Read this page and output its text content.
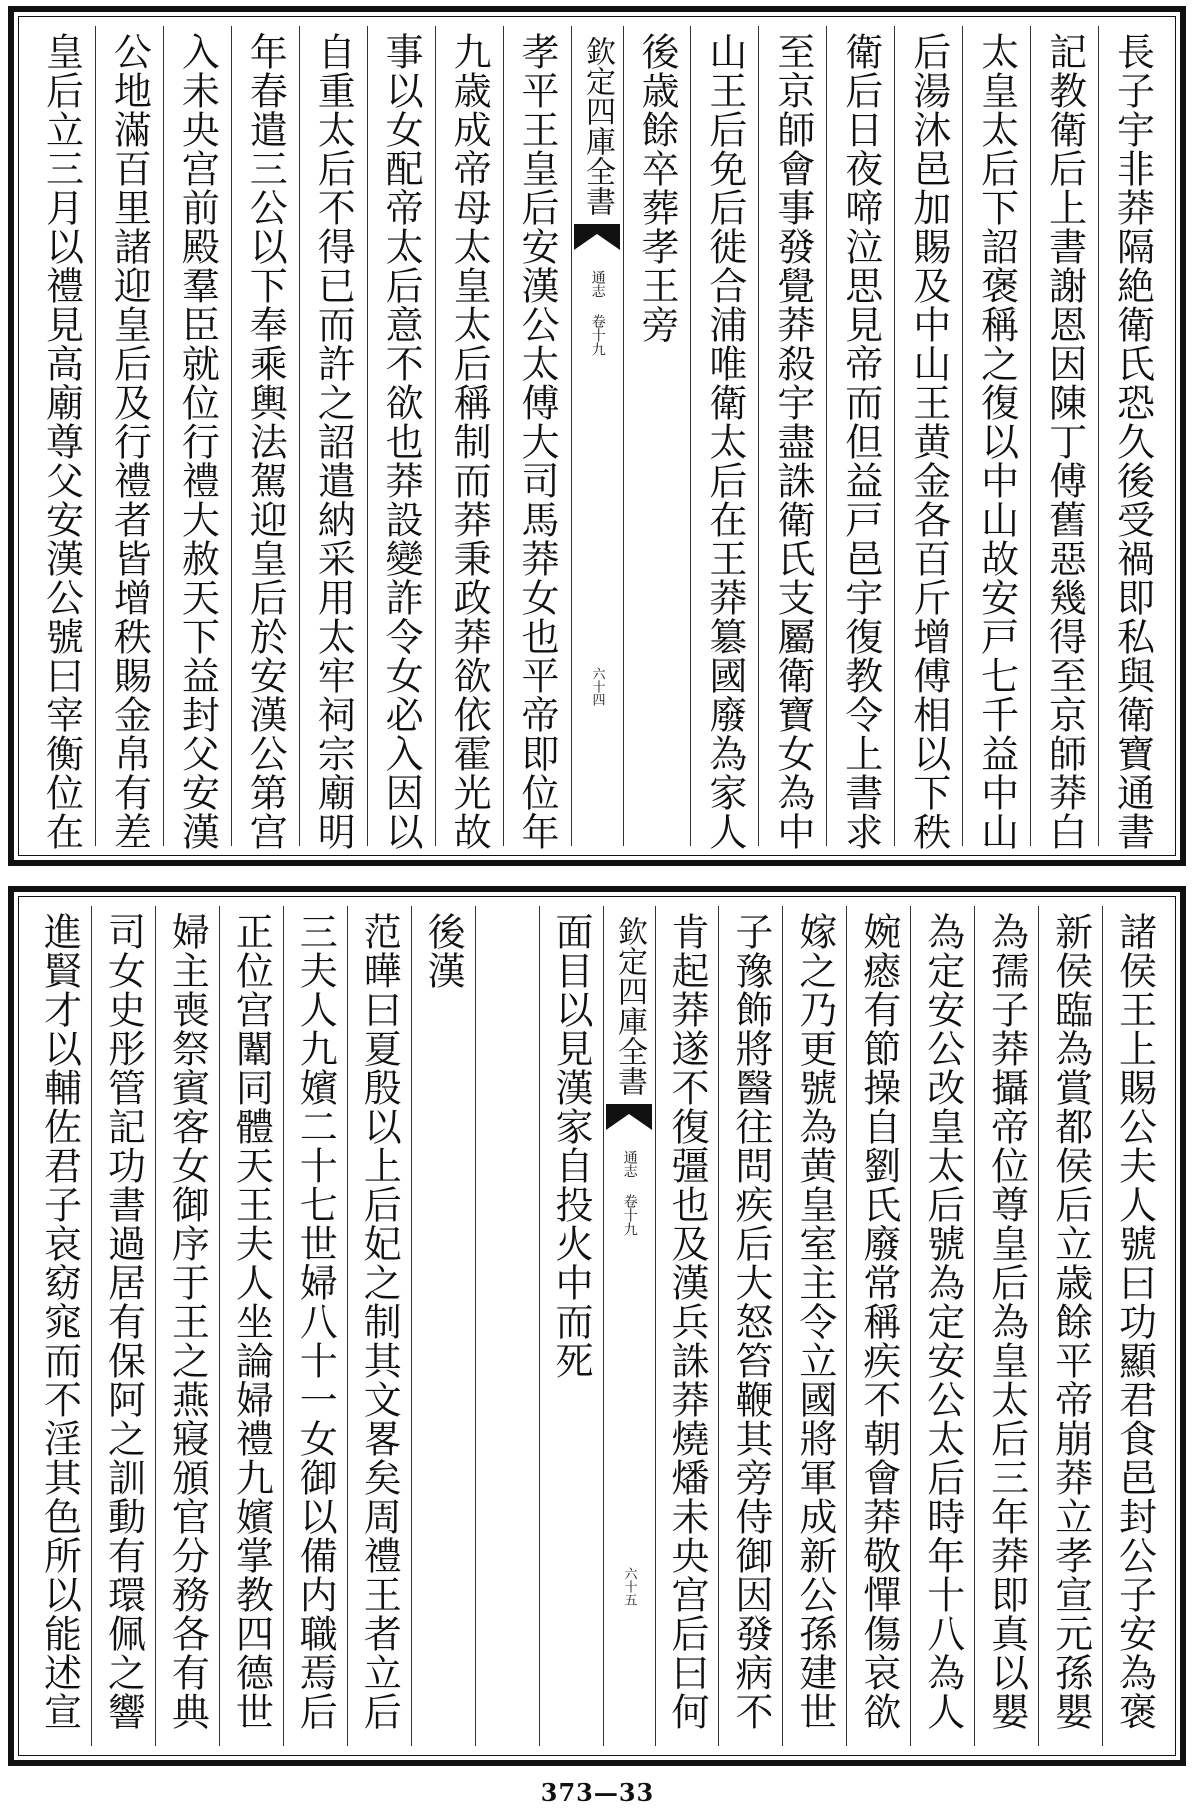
長子宇非莽隔絶衛氏恐久後受禍即私與衛寶通書
記教衛后上書謝恩因陳丁傅舊惡幾得至京師莽白
太皇太后下詔褒稱之復以中山故安戸七千益中山
后湯沐邑加賜及中山王黄金各百斤增傅相以下秩
衛后日夜啼泣思見帝而但益戸邑宇復教令上書求
至京師會事發覺莽殺宇盡誅衛氏支屬衛寶女為中
山王后免后徙合浦唯衛太后在王莽簒國廢為家人
後歳餘卒葬孝王旁
欽定四庫全書
通志 卷十九
六十四
孝平王皇后安漢公太傅大司馬莽女也平帝即位年
九歳成帝母太皇太后稱制而莽秉政莽欲依霍光故
事以女配帝太后意不欲也莽設變詐令女必入因以
自重太后不得已而許之詔遣納采用太牢祠宗廟明
年春遣三公以下奉乘輿法駕迎皇后於安漢公第宫
入未央宫前殿羣臣就位行禮大赦天下益封父安漢
公地滿百里諸迎皇后及行禮者皆增秩賜金帛有差
皇后立三月以禮見高廟尊父安漢公號曰宰衡位在
諸侯王上賜公夫人號曰功顯君食邑封公子安為褒
新侯臨為賞都侯后立歳餘平帝崩莽立孝宣元孫嬰
為孺子莽攝帝位尊皇后為皇太后三年莽即真以嬰
為定安公改皇太后號為定安公太后時年十八為人
婉瘱有節操自劉氏廢常稱疾不朝會莽敬憚傷哀欲
嫁之乃更號為黄皇室主令立國將軍成新公孫建世
子豫飾將醫往問疾后大怒笞鞭其旁侍御因發病不
肯起莽遂不復彊也及漢兵誅莽燒燔未央宫后曰何
欽定四庫全書
通志 卷十九
六十五
面目以見漢家自投火中而死
後漢
范曄曰夏殷以上后妃之制其文畧矣周禮王者立后
三夫人九嬪二十七世婦八十一女御以備内職焉后
正位宫闈同體天王夫人坐論婦禮九嬪掌教四德世
婦主喪祭賓客女御序于王之燕寢頒官分務各有典
司女史彤管記功書過居有保阿之訓動有環佩之響
進賢才以輔佐君子哀窈窕而不淫其色所以能述宣
373—33
